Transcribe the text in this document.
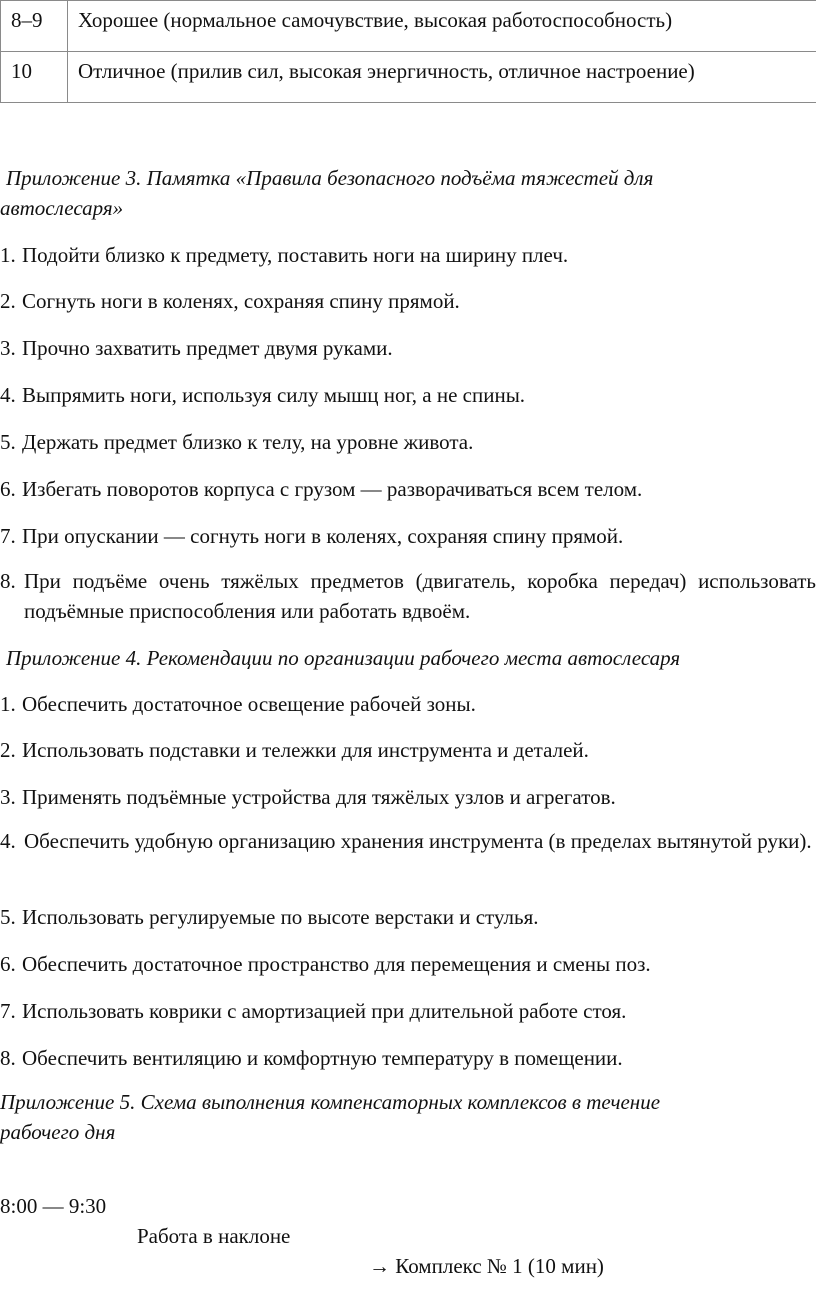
8–9	Хорошее (нормальное самочувствие, высокая работоспособность)
10	Отличное (прилив сил, высокая энергичность, отличное настроение)
Приложение 3. Памятка «Правила безопасного подъёма тяжестей для
автослесаря»
1. Подойти близко к предмету, поставить ноги на ширину плеч.
2. Согнуть ноги в коленях, сохраняя спину прямой.
3. Прочно захватить предмет двумя руками.
4. Выпрямить ноги, используя силу мышц ног, а не спины.
5. Держать предмет близко к телу, на уровне живота.
6. Избегать поворотов корпуса с грузом — разворачиваться всем телом.
7. При опускании — согнуть ноги в коленях, сохраняя спину прямой.
8. При подъёме очень тяжёлых предметов (двигатель, коробка передач) использовать подъёмные приспособления или работать вдвоём.
Приложение 4. Рекомендации по организации рабочего места автослесаря
1. Обеспечить достаточное освещение рабочей зоны.
2. Использовать подставки и тележки для инструмента и деталей.
3. Применять подъёмные устройства для тяжёлых узлов и агрегатов.
4. Обеспечить удобную организацию хранения инструмента (в пределах вытянутой руки).
5. Использовать регулируемые по высоте верстаки и стулья.
6. Обеспечить достаточное пространство для перемещения и смены поз.
7. Использовать коврики с амортизацией при длительной работе стоя.
8. Обеспечить вентиляцию и комфортную температуру в помещении.
Приложение 5. Схема выполнения компенсаторных комплексов в течение
рабочего дня

8:00 — 9:30

Работа в наклоне

→ Комплекс № 1 (10 мин)
